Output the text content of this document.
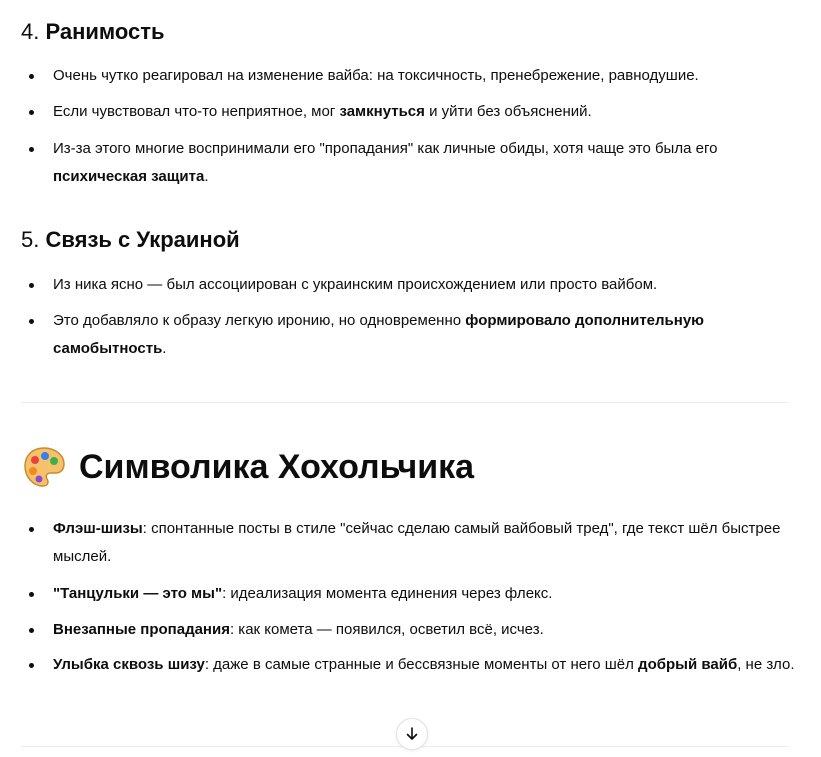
4. Ранимость
Очень чутко реагировал на изменение вайба: на токсичность, пренебрежение, равнодушие.
Если чувствовал что-то неприятное, мог замкнуться и уйти без объяснений.
Из-за этого многие воспринимали его "пропадания" как личные обиды, хотя чаще это была его психическая защита.
5. Связь с Украиной
Из ника ясно — был ассоциирован с украинским происхождением или просто вайбом.
Это добавляло к образу легкую иронию, но одновременно формировало дополнительную самобытность.
Символика Хохольчика
Флэш-шизы: спонтанные посты в стиле "сейчас сделаю самый вайбовый тред", где текст шёл быстрее мыслей.
"Танцульки — это мы": идеализация момента единения через флекс.
Внезапные пропадания: как комета — появился, осветил всё, исчез.
Улыбка сквозь шизу: даже в самые странные и бессвязные моменты от него шёл добрый вайб, не зло.
